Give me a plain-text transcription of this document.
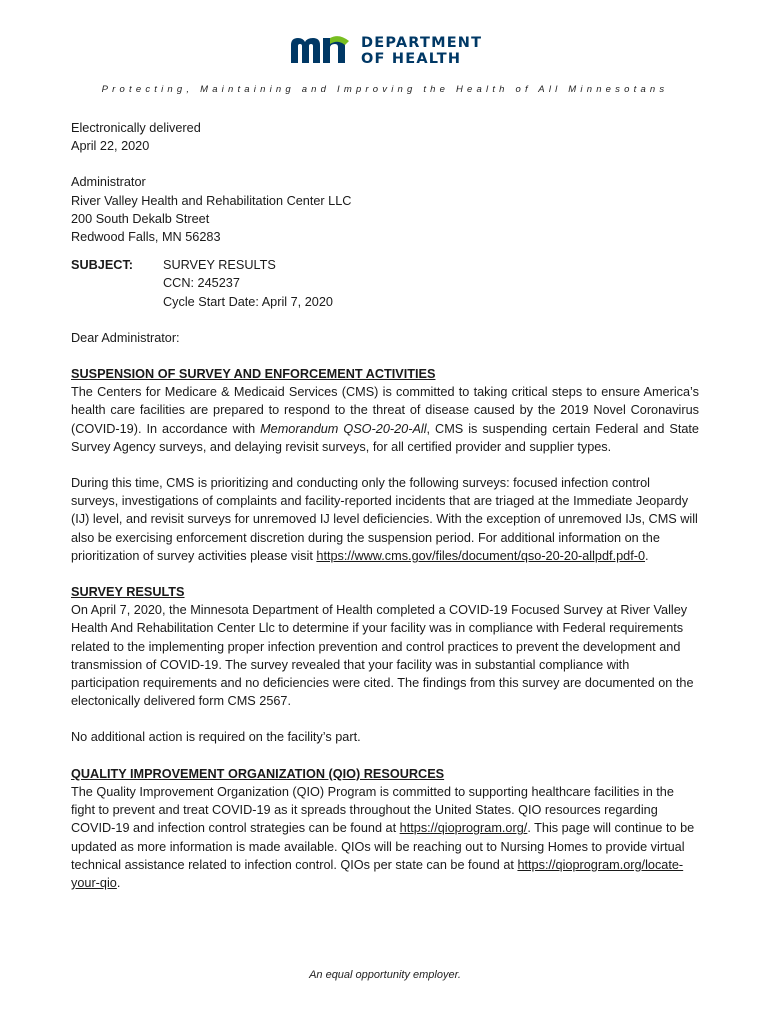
DEPARTMENT
OF HEALTH
Protecting, Maintaining and Improving the Health of All Minnesotans
Electronically delivered
April 22, 2020
Administrator
River Valley Health and Rehabilitation Center LLC
200 South Dekalb Street
Redwood Falls, MN 56283
SUBJECT:	SURVEY RESULTS
CCN: 245237
Cycle Start Date: April 7, 2020
Dear Administrator:
SUSPENSION OF SURVEY AND ENFORCEMENT ACTIVITIES

The Centers for Medicare & Medicaid Services (CMS) is committed to taking critical steps to ensure America’s health care facilities are prepared to respond to the threat of disease caused by the 2019 Novel Coronavirus (COVID-19). In accordance with Memorandum QSO-20-20-All, CMS is suspending certain Federal and State Survey Agency surveys, and delaying revisit surveys, for all certified provider and supplier types.

During this time, CMS is prioritizing and conducting only the following surveys: focused infection control surveys, investigations of complaints and facility-reported incidents that are triaged at the Immediate Jeopardy (IJ) level, and revisit surveys for unremoved IJ level deficiencies. With the exception of unremoved IJs, CMS will also be exercising enforcement discretion during the suspension period. For additional information on the prioritization of survey activities please visit https://www.cms.gov/files/document/qso-20-20-allpdf.pdf-0.

SURVEY RESULTS

On April 7, 2020, the Minnesota Department of Health completed a COVID-19 Focused Survey at River Valley Health And Rehabilitation Center Llc to determine if your facility was in compliance with Federal requirements related to the implementing proper infection prevention and control practices to prevent the development and transmission of COVID-19. The survey revealed that your facility was in substantial compliance with participation requirements and no deficiencies were cited. The findings from this survey are documented on the electonically delivered form CMS 2567.

No additional action is required on the facility’s part.

QUALITY IMPROVEMENT ORGANIZATION (QIO) RESOURCES

The Quality Improvement Organization (QIO) Program is committed to supporting healthcare facilities in the fight to prevent and treat COVID-19 as it spreads throughout the United States. QIO resources regarding COVID-19 and infection control strategies can be found at https://qioprogram.org/. This page will continue to be updated as more information is made available. QIOs will be reaching out to Nursing Homes to provide virtual technical assistance related to infection control. QIOs per state can be found at https://qioprogram.org/locate-your-qio.

An equal opportunity employer.
